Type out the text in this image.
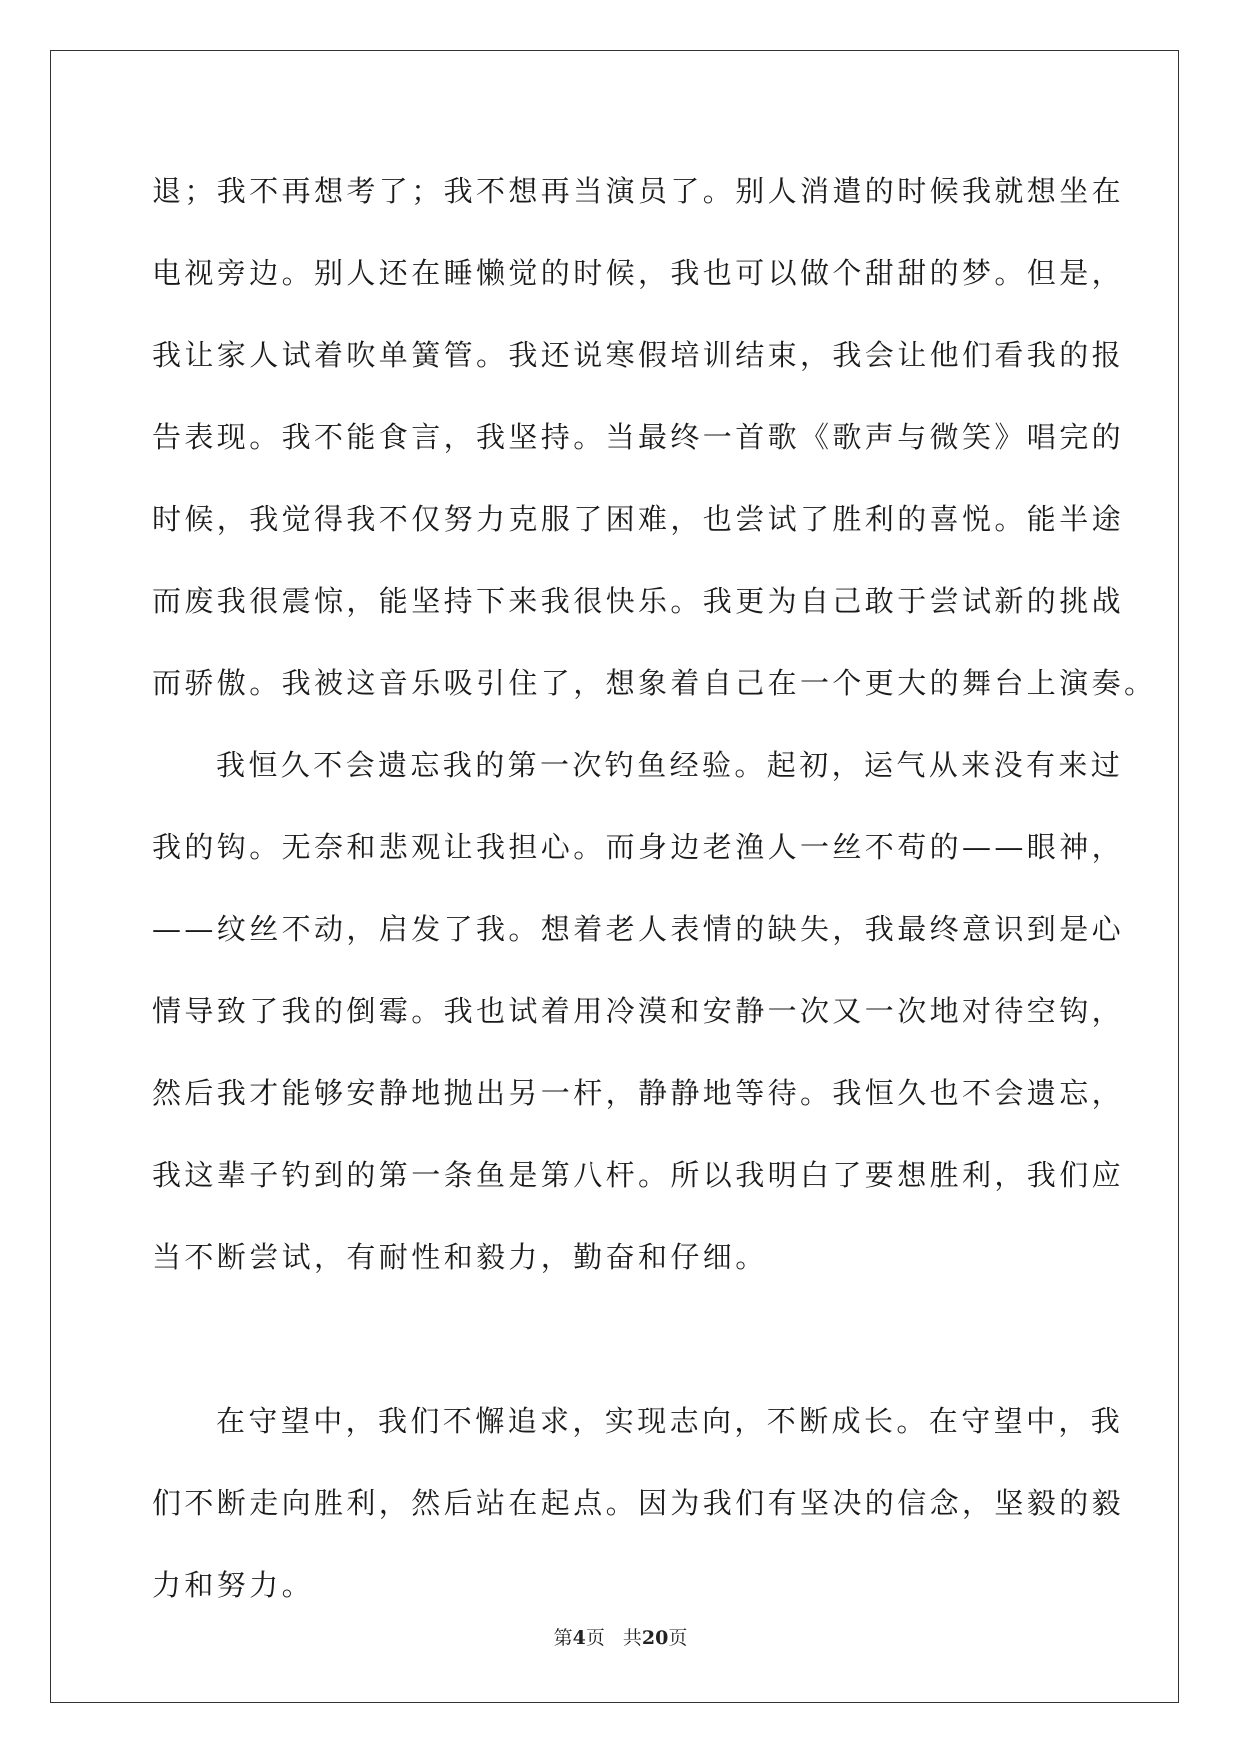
退；我不再想考了；我不想再当演员了。别人消遣的时候我就想坐在
电视旁边。别人还在睡懒觉的时候，我也可以做个甜甜的梦。但是，
我让家人试着吹单簧管。我还说寒假培训结束，我会让他们看我的报
告表现。我不能食言，我坚持。当最终一首歌《歌声与微笑》唱完的
时候，我觉得我不仅努力克服了困难，也尝试了胜利的喜悦。能半途
而废我很震惊，能坚持下来我很快乐。我更为自己敢于尝试新的挑战
而骄傲。我被这音乐吸引住了，想象着自己在一个更大的舞台上演奏。
我恒久不会遗忘我的第一次钓鱼经验。起初，运气从来没有来过
我的钩。无奈和悲观让我担心。而身边老渔人一丝不苟的——眼神，
——纹丝不动，启发了我。想着老人表情的缺失，我最终意识到是心
情导致了我的倒霉。我也试着用冷漠和安静一次又一次地对待空钩，
然后我才能够安静地抛出另一杆，静静地等待。我恒久也不会遗忘，
我这辈子钓到的第一条鱼是第八杆。所以我明白了要想胜利，我们应
当不断尝试，有耐性和毅力，勤奋和仔细。
在守望中，我们不懈追求，实现志向，不断成长。在守望中，我
们不断走向胜利，然后站在起点。因为我们有坚决的信念，坚毅的毅
力和努力。
第4页 共20页
